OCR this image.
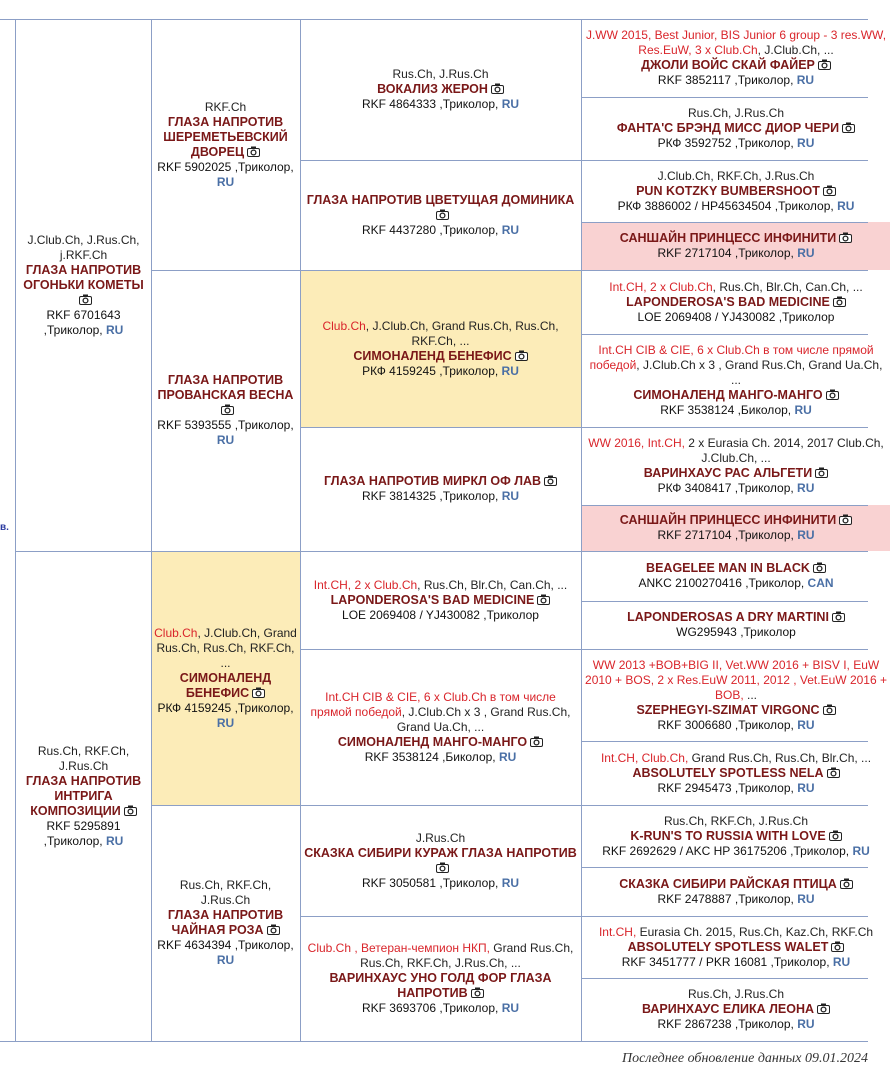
J.Club.Ch, J.Rus.Ch, j.RKF.Ch
ГЛАЗА НАПРОТИВ ОГОНЬКИ КОМЕТЫ
RKF 6701643 ,Триколор, RU
Rus.Ch, RKF.Ch, J.Rus.Ch
ГЛАЗА НАПРОТИВ ИНТРИГА КОМПОЗИЦИИ
RKF 5295891 ,Триколор, RU
RKF.Ch
ГЛАЗА НАПРОТИВ ШЕРЕМЕТЬЕВСКИЙ ДВОРЕЦ
RKF 5902025 ,Триколор, RU
ГЛАЗА НАПРОТИВ ПРОВАНСКАЯ ВЕСНА
RKF 5393555 ,Триколор, RU
Club.Ch, J.Club.Ch, Grand Rus.Ch, Rus.Ch, RKF.Ch, ...
СИМОНАЛЕНД БЕНЕФИС
РКФ 4159245 ,Триколор, RU
Rus.Ch, RKF.Ch, J.Rus.Ch
ГЛАЗА НАПРОТИВ ЧАЙНАЯ РОЗА
RKF 4634394 ,Триколор, RU
Rus.Ch, J.Rus.Ch
ВОКАЛИЗ ЖЕРОН
RKF 4864333 ,Триколор, RU
ГЛАЗА НАПРОТИВ ЦВЕТУЩАЯ ДОМИНИКА
RKF 4437280 ,Триколор, RU
Club.Ch, J.Club.Ch, Grand Rus.Ch, Rus.Ch, RKF.Ch, ...
СИМОНАЛЕНД БЕНЕФИС
РКФ 4159245 ,Триколор, RU
ГЛАЗА НАПРОТИВ МИРКЛ ОФ ЛАВ
RKF 3814325 ,Триколор, RU
Int.CH, 2 x Club.Ch, Rus.Ch, Blr.Ch, Can.Ch, ...
LAPONDEROSA'S BAD MEDICINE
LOE 2069408 / YJ430082 ,Триколор
Int.CH CIB & CIE, 6 x Club.Ch в том числе прямой победой, J.Club.Ch x 3 , Grand Rus.Ch, Grand Ua.Ch, ...
СИМОНАЛЕНД МАНГО-МАНГО
RKF 3538124 ,Биколор, RU
J.Rus.Ch
СКАЗКА СИБИРИ КУРАЖ ГЛАЗА НАПРОТИВ
RKF 3050581 ,Триколор, RU
Club.Ch , Ветеран-чемпион НКП, Grand Rus.Ch, Rus.Ch, RKF.Ch, J.Rus.Ch, ...
ВАРИНХАУС УНО ГОЛД ФОР ГЛАЗА НАПРОТИВ
RKF 3693706 ,Триколор, RU
J.WW 2015, Best Junior, BIS Junior 6 group - 3 res.WW, Res.EuW, 3 x Club.Ch, J.Club.Ch, ...
ДЖОЛИ ВОЙС СКАЙ ФАЙЕР
RKF 3852117 ,Триколор, RU
Rus.Ch, J.Rus.Ch
ФАНТА'С БРЭНД МИСС ДИОР ЧЕРИ
РКФ 3592752 ,Триколор, RU
J.Club.Ch, RKF.Ch, J.Rus.Ch
PUN KOTZKY BUMBERSHOOT
РКФ 3886002 / HP45634504 ,Триколор, RU
САНШАЙН ПРИНЦЕСС ИНФИНИТИ
RKF 2717104 ,Триколор, RU
Int.CH, 2 x Club.Ch, Rus.Ch, Blr.Ch, Can.Ch, ...
LAPONDEROSA'S BAD MEDICINE
LOE 2069408 / YJ430082 ,Триколор
Int.CH CIB & CIE, 6 x Club.Ch в том числе прямой победой, J.Club.Ch x 3 , Grand Rus.Ch, Grand Ua.Ch, ...
СИМОНАЛЕНД МАНГО-МАНГО
RKF 3538124 ,Биколор, RU
WW 2016, Int.CH, 2 x Eurasia Ch. 2014, 2017 Club.Ch, J.Club.Ch, ...
ВАРИНХАУС РАС АЛЬГЕТИ
РКФ 3408417 ,Триколор, RU
САНШАЙН ПРИНЦЕСС ИНФИНИТИ
RKF 2717104 ,Триколор, RU
BEAGELEE MAN IN BLACK
ANKC 2100270416 ,Триколор, CAN
LAPONDEROSAS A DRY MARTINI
WG295943 ,Триколор
WW 2013 +BOB+BIG II, Vet.WW 2016 + BISV I, EuW 2010 + BOS, 2 x Res.EuW 2011, 2012 , Vet.EuW 2016 + BOB, ...
SZEPHEGYI-SZIMAT VIRGONC
RKF 3006680 ,Триколор, RU
Int.CH, Club.Ch, Grand Rus.Ch, Rus.Ch, Blr.Ch, ...
ABSOLUTELY SPOTLESS NELA
RKF 2945473 ,Триколор, RU
Rus.Ch, RKF.Ch, J.Rus.Ch
K-RUN'S TO RUSSIA WITH LOVE
RKF 2692629 / AKC HP 36175206 ,Триколор, RU
СКАЗКА СИБИРИ РАЙСКАЯ ПТИЦА
RKF 2478887 ,Триколор, RU
Int.CH, Eurasia Ch. 2015, Rus.Ch, Kaz.Ch, RKF.Ch
ABSOLUTELY SPOTLESS WALET
RKF 3451777 / PKR 16081 ,Триколор, RU
Rus.Ch, J.Rus.Ch
ВАРИНХАУС ЕЛИКА ЛЕОНА
RKF 2867238 ,Триколор, RU
в.
Последнее обновление данных 09.01.2024
